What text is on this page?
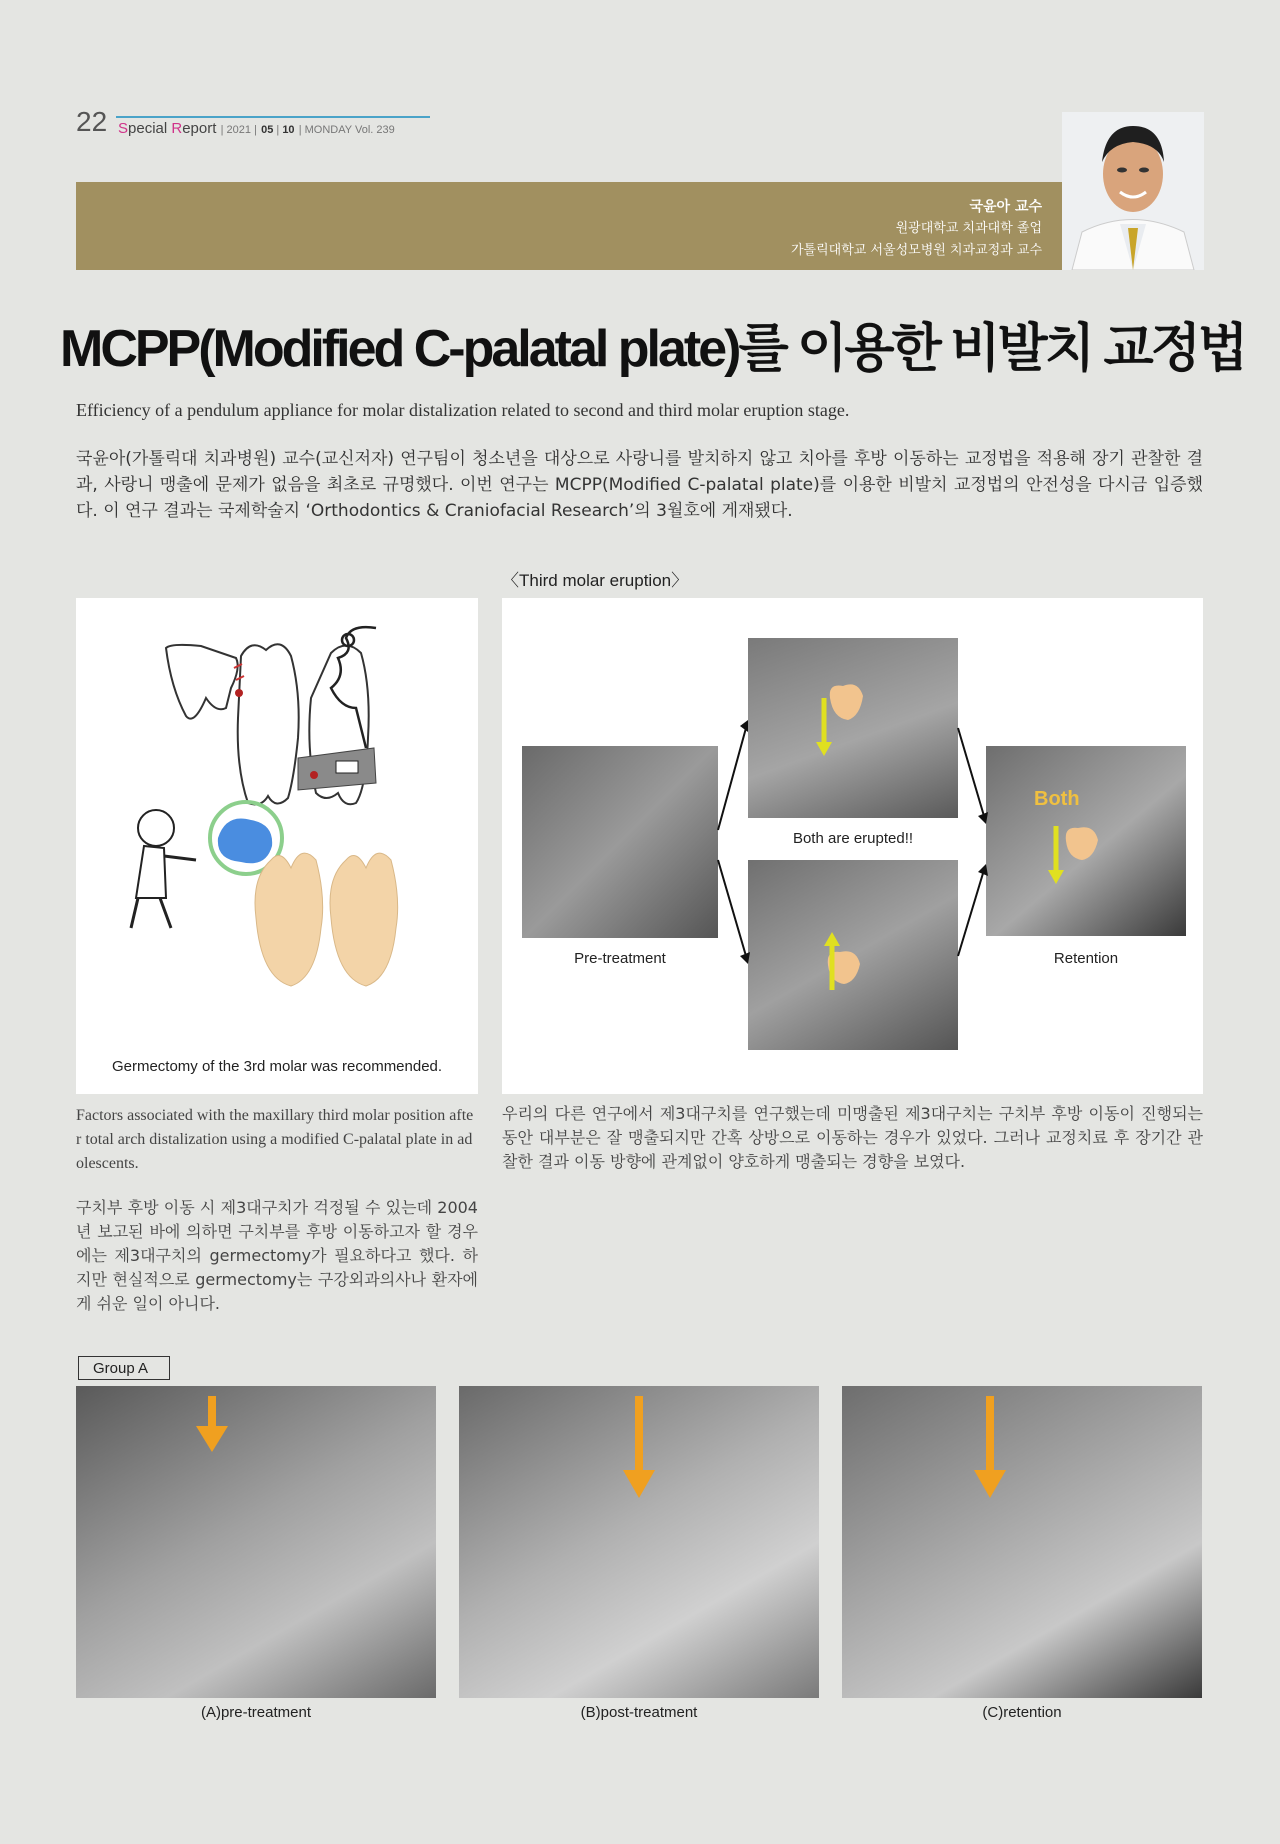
22 Special Report | 2021 | 05 | 10 | MONDAY Vol. 239
국윤아 교수
원광대학교 치과대학 졸업
가톨릭대학교 서울성모병원 치과교정과 교수
MCPP(Modified C-palatal plate)를 이용한 비발치 교정법
Efficiency of a pendulum appliance for molar distalization related to second and third molar eruption stage.
국윤아(가톨릭대 치과병원) 교수(교신저자) 연구팀이 청소년을 대상으로 사랑니를 발치하지 않고 치아를 후방 이동하는 교정법을 적용해 장기 관찰한 결과, 사랑니 맹출에 문제가 없음을 최초로 규명했다. 이번 연구는 MCPP(Modified C-palatal plate)를 이용한 비발치 교정법의 안전성을 다시금 입증했다. 이 연구 결과는 국제학술지 ‘Orthodontics & Craniofacial Research’의 3월호에 게재됐다.
〈Third molar eruption〉
Germectomy of the 3rd molar was recommended.
Pre-treatment
Both are erupted!!
Both
Retention
Factors associated with the maxillary third molar position after total arch distalization using a modified C-palatal plate in adolescents.
구치부 후방 이동 시 제3대구치가 걱정될 수 있는데 2004년 보고된 바에 의하면 구치부를 후방 이동하고자 할 경우에는 제3대구치의 germectomy가 필요하다고 했다. 하지만 현실적으로 germectomy는 구강외과의사나 환자에게 쉬운 일이 아니다.
우리의 다른 연구에서 제3대구치를 연구했는데 미맹출된 제3대구치는 구치부 후방 이동이 진행되는 동안 대부분은 잘 맹출되지만 간혹 상방으로 이동하는 경우가 있었다. 그러나 교정치료 후 장기간 관찰한 결과 이동 방향에 관계없이 양호하게 맹출되는 경향을 보였다.
Group A
(A)pre-treatment	(B)post-treatment	(C)retention
